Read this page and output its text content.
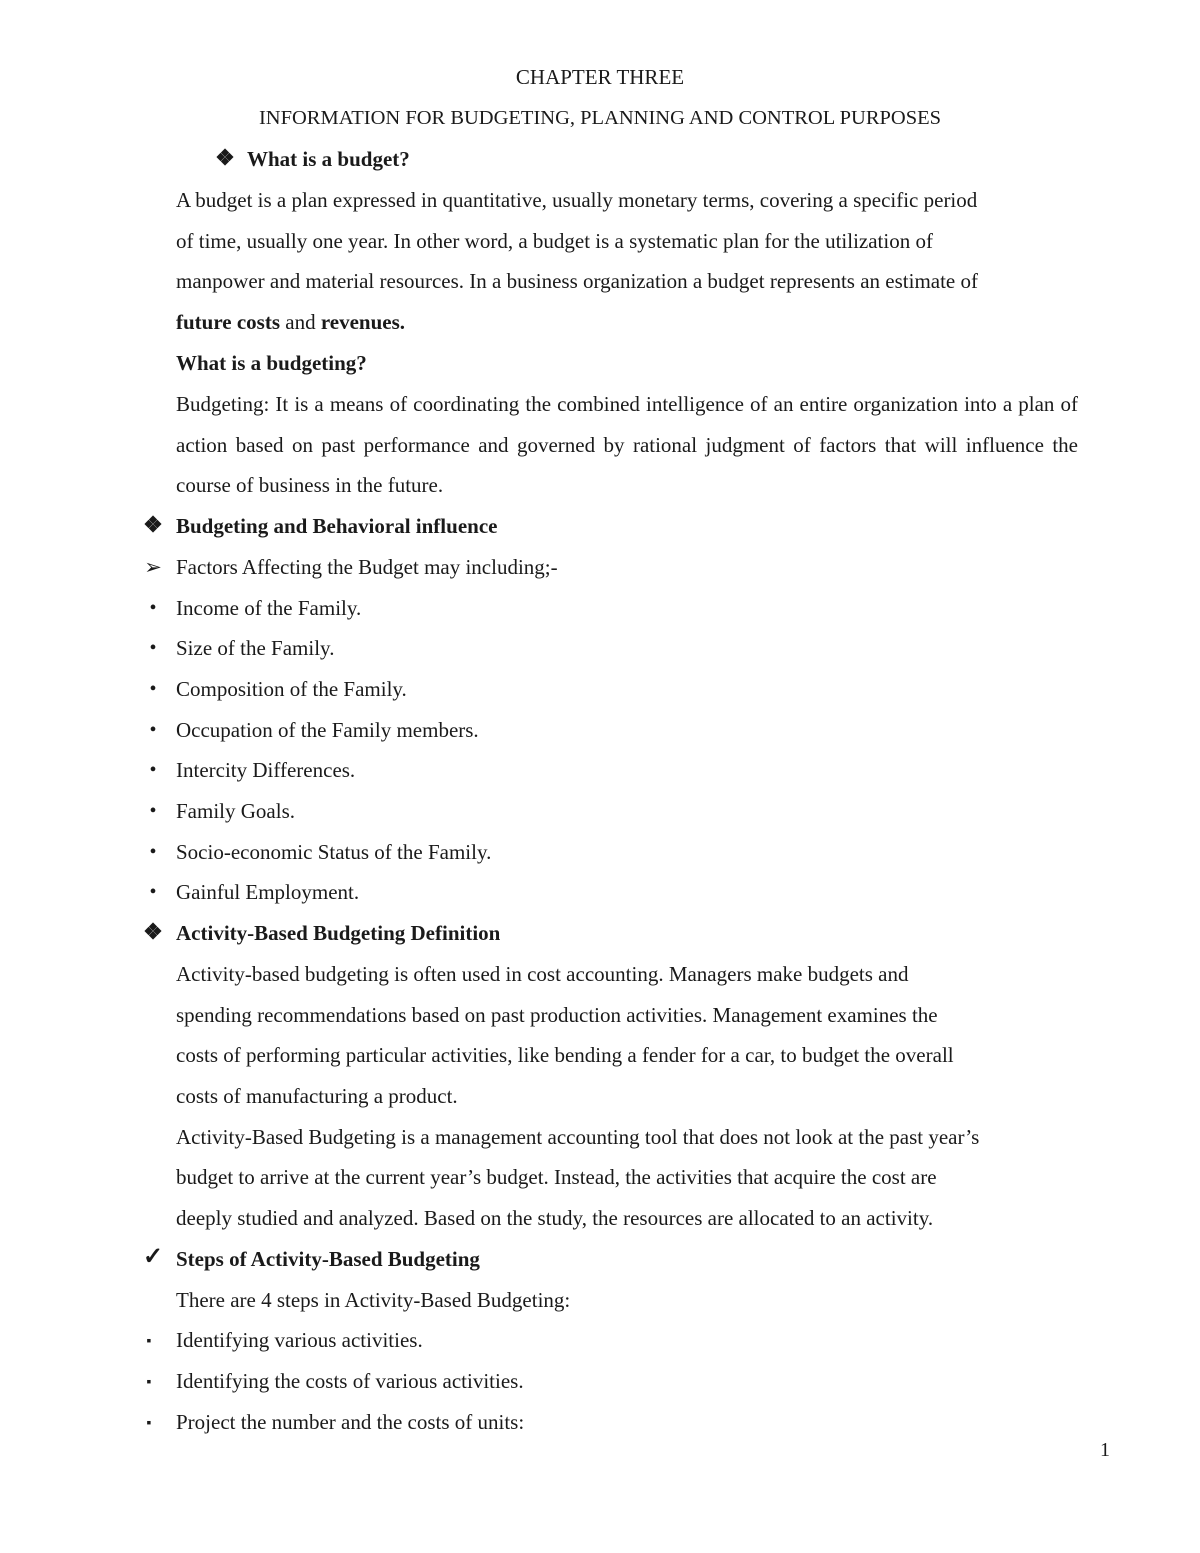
CHAPTER THREE
INFORMATION FOR BUDGETING, PLANNING AND CONTROL PURPOSES
❖ What is a budget?
A budget is a plan expressed in quantitative, usually monetary terms, covering a specific period
of time, usually one year. In other word, a budget is a systematic plan for the utilization of
manpower and material resources. In a business organization a budget represents an estimate of
future costs and revenues.
What is a budgeting?
Budgeting: It is a means of coordinating the combined intelligence of an entire organization into a plan of action based on past performance and governed by rational judgment of factors that will influence the course of business in the future.
❖ Budgeting and Behavioral influence
➢ Factors Affecting the Budget may including;-
• Income of the Family.
• Size of the Family.
• Composition of the Family.
• Occupation of the Family members.
• Intercity Differences.
• Family Goals.
• Socio-economic Status of the Family.
• Gainful Employment.
❖ Activity-Based Budgeting Definition
Activity-based budgeting is often used in cost accounting. Managers make budgets and
spending recommendations based on past production activities. Management examines the
costs of performing particular activities, like bending a fender for a car, to budget the overall
costs of manufacturing a product.
Activity-Based Budgeting is a management accounting tool that does not look at the past year’s
budget to arrive at the current year’s budget. Instead, the activities that acquire the cost are
deeply studied and analyzed. Based on the study, the resources are allocated to an activity.
✓ Steps of Activity-Based Budgeting
There are 4 steps in Activity-Based Budgeting:
▪	Identifying various activities.
▪	Identifying the costs of various activities.
▪	Project the number and the costs of units:
1
